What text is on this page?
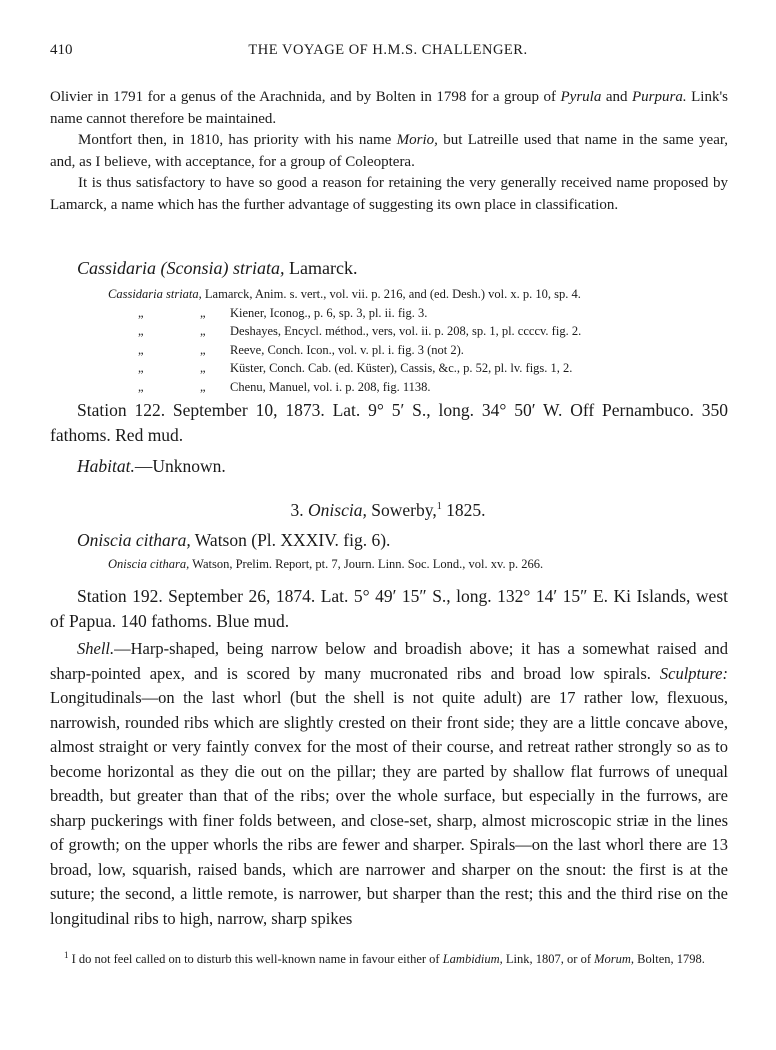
410	THE VOYAGE OF H.M.S. CHALLENGER.

Olivier in 1791 for a genus of the Arachnida, and by Bolten in 1798 for a group of Pyrula and Purpura. Link's name cannot therefore be maintained.

Montfort then, in 1810, has priority with his name Morio, but Latreille used that name in the same year, and, as I believe, with acceptance, for a group of Coleoptera.

It is thus satisfactory to have so good a reason for retaining the very generally received name proposed by Lamarck, a name which has the further advantage of suggesting its own place in classification.

Cassidaria (Sconsia) striata, Lamarck.
Cassidaria striata, Lamarck, Anim. s. vert., vol. vii. p. 216, and (ed. Desh.) vol. x. p. 10, sp. 4.
„	„ Kiener, Iconog., p. 6, sp. 3, pl. ii. fig. 3.
„	„ Deshayes, Encycl. méthod., vers, vol. ii. p. 208, sp. 1, pl. ccccv. fig. 2.
„	„ Reeve, Conch. Icon., vol. v. pl. i. fig. 3 (not 2).
„	„ Küster, Conch. Cab. (ed. Küster), Cassis, &c., p. 52, pl. lv. figs. 1, 2.
„	„ Chenu, Manuel, vol. i. p. 208, fig. 1138.
Station 122. September 10, 1873. Lat. 9° 5′ S., long. 34° 50′ W. Off Pernambuco. 350 fathoms. Red mud.
Habitat.—Unknown.
3. Oniscia, Sowerby,$^1$ 1825.
Oniscia cithara, Watson (Pl. XXXIV. fig. 6).
Oniscia cithara, Watson, Prelim. Report, pt. 7, Journ. Linn. Soc. Lond., vol. xv. p. 266.
Station 192. September 26, 1874. Lat. 5° 49′ 15″ S., long. 132° 14′ 15″ E. Ki Islands, west of Papua. 140 fathoms. Blue mud.

Shell.—Harp-shaped, being narrow below and broadish above; it has a somewhat raised and sharp-pointed apex, and is scored by many mucronated ribs and broad low spirals. Sculpture: Longitudinals—on the last whorl (but the shell is not quite adult) are 17 rather low, flexuous, narrowish, rounded ribs which are slightly crested on their front side; they are a little concave above, almost straight or very faintly convex for the most of their course, and retreat rather strongly so as to become horizontal as they die out on the pillar; they are parted by shallow flat furrows of unequal breadth, but greater than that of the ribs; over the whole surface, but especially in the furrows, are sharp puckerings with finer folds between, and close-set, sharp, almost microscopic striæ in the lines of growth; on the upper whorls the ribs are fewer and sharper. Spirals—on the last whorl there are 13 broad, low, squarish, raised bands, which are narrower and sharper on the snout: the first is at the suture; the second, a little remote, is narrower, but sharper than the rest; this and the third rise on the longitudinal ribs to high, narrow, sharp spikes

$^1$ I do not feel called on to disturb this well-known name in favour either of Lambidium, Link, 1807, or of Morum, Bolten, 1798.
